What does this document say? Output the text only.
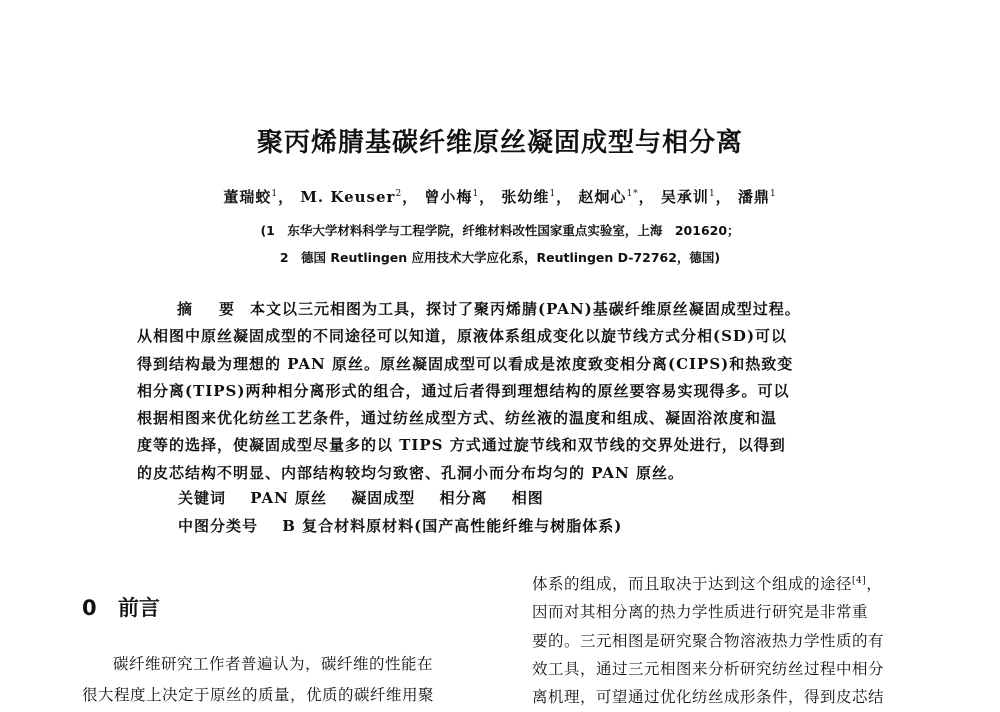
聚丙烯腈基碳纤维原丝凝固成型与相分离
董瑞蛟$^1$， M. Keuser$^2$， 曾小梅$^1$， 张幼维$^1$， 赵炯心$^{1*}$， 吴承训$^1$， 潘鼎$^1$
(1　东华大学材料科学与工程学院，纤维材料改性国家重点实验室，上海　201620；
2　德国 Reutlingen 应用技术大学应化系，Reutlingen D-72762，德国)
摘　要 本文以三元相图为工具，探讨了聚丙烯腈(PAN)基碳纤维原丝凝固成型过程。
从相图中原丝凝固成型的不同途径可以知道，原液体系组成变化以旋节线方式分相(SD)可以
得到结构最为理想的 PAN 原丝。原丝凝固成型可以看成是浓度致变相分离(CIPS)和热致变
相分离(TIPS)两种相分离形式的组合，通过后者得到理想结构的原丝要容易实现得多。可以
根据相图来优化纺丝工艺条件，通过纺丝成型方式、纺丝液的温度和组成、凝固浴浓度和温
度等的选择，使凝固成型尽量多的以 TIPS 方式通过旋节线和双节线的交界处进行，以得到
的皮芯结构不明显、内部结构较均匀致密、孔洞小而分布均匀的 PAN 原丝。
关键词 PAN 原丝 凝固成型 相分离 相图
中图分类号 B 复合材料原材料(国产高性能纤维与树脂体系)
0 前言
碳纤维研究工作者普遍认为，碳纤维的性能在
很大程度上决定于原丝的质量，优质的碳纤维用聚
体系的组成，而且取决于达到这个组成的途径[4]，
因而对其相分离的热力学性质进行研究是非常重
要的。三元相图是研究聚合物溶液热力学性质的有
效工具，通过三元相图来分析研究纺丝过程中相分
离机理，可望通过优化纺丝成形条件，得到皮芯结
